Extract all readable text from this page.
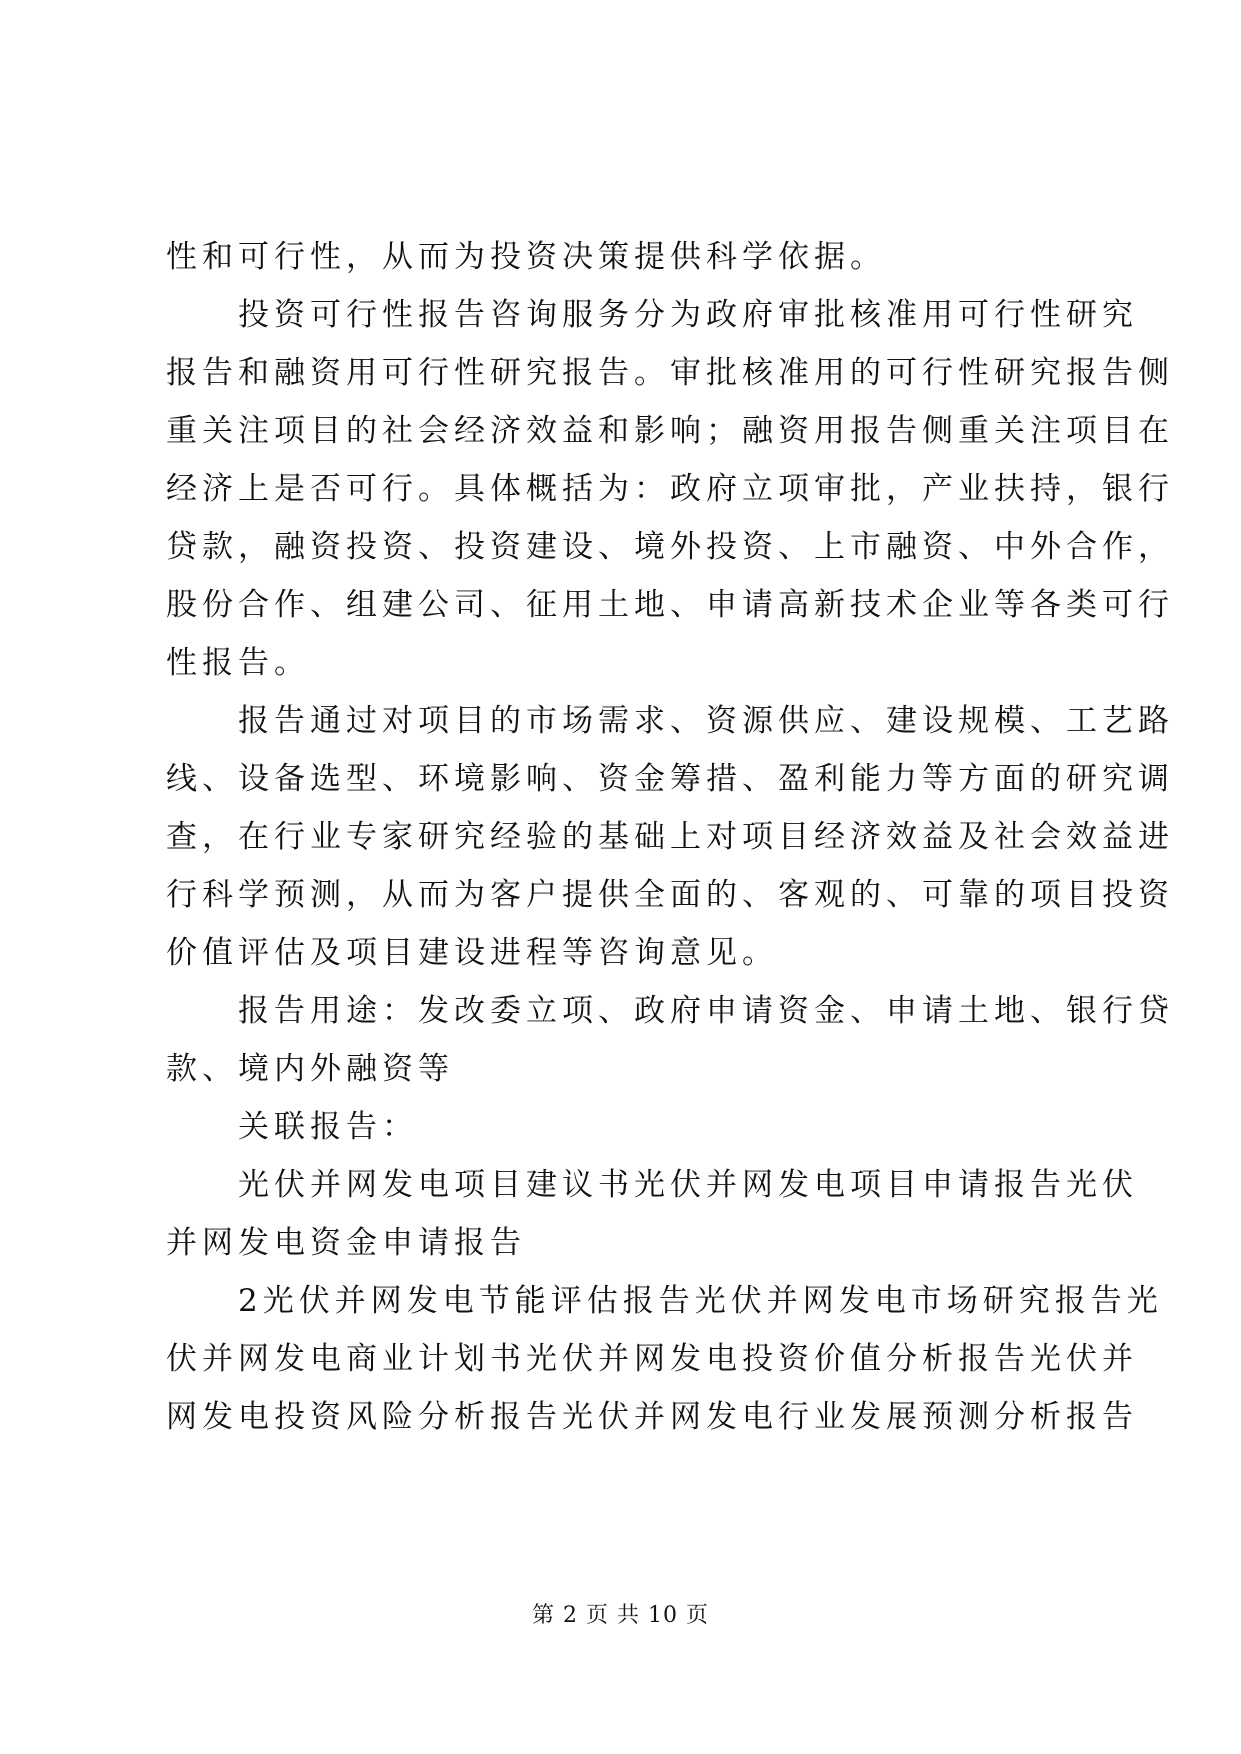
性和可行性，从而为投资决策提供科学依据。
　　投资可行性报告咨询服务分为政府审批核准用可行性研究
报告和融资用可行性研究报告。审批核准用的可行性研究报告侧
重关注项目的社会经济效益和影响；融资用报告侧重关注项目在
经济上是否可行。具体概括为：政府立项审批，产业扶持，银行
贷款，融资投资、投资建设、境外投资、上市融资、中外合作，
股份合作、组建公司、征用土地、申请高新技术企业等各类可行
性报告。
　　报告通过对项目的市场需求、资源供应、建设规模、工艺路
线、设备选型、环境影响、资金筹措、盈利能力等方面的研究调
查，在行业专家研究经验的基础上对项目经济效益及社会效益进
行科学预测，从而为客户提供全面的、客观的、可靠的项目投资
价值评估及项目建设进程等咨询意见。
　　报告用途：发改委立项、政府申请资金、申请土地、银行贷
款、境内外融资等
　　关联报告：
　　光伏并网发电项目建议书光伏并网发电项目申请报告光伏
并网发电资金申请报告
　　2光伏并网发电节能评估报告光伏并网发电市场研究报告光
伏并网发电商业计划书光伏并网发电投资价值分析报告光伏并
网发电投资风险分析报告光伏并网发电行业发展预测分析报告
第 2 页 共 10 页
